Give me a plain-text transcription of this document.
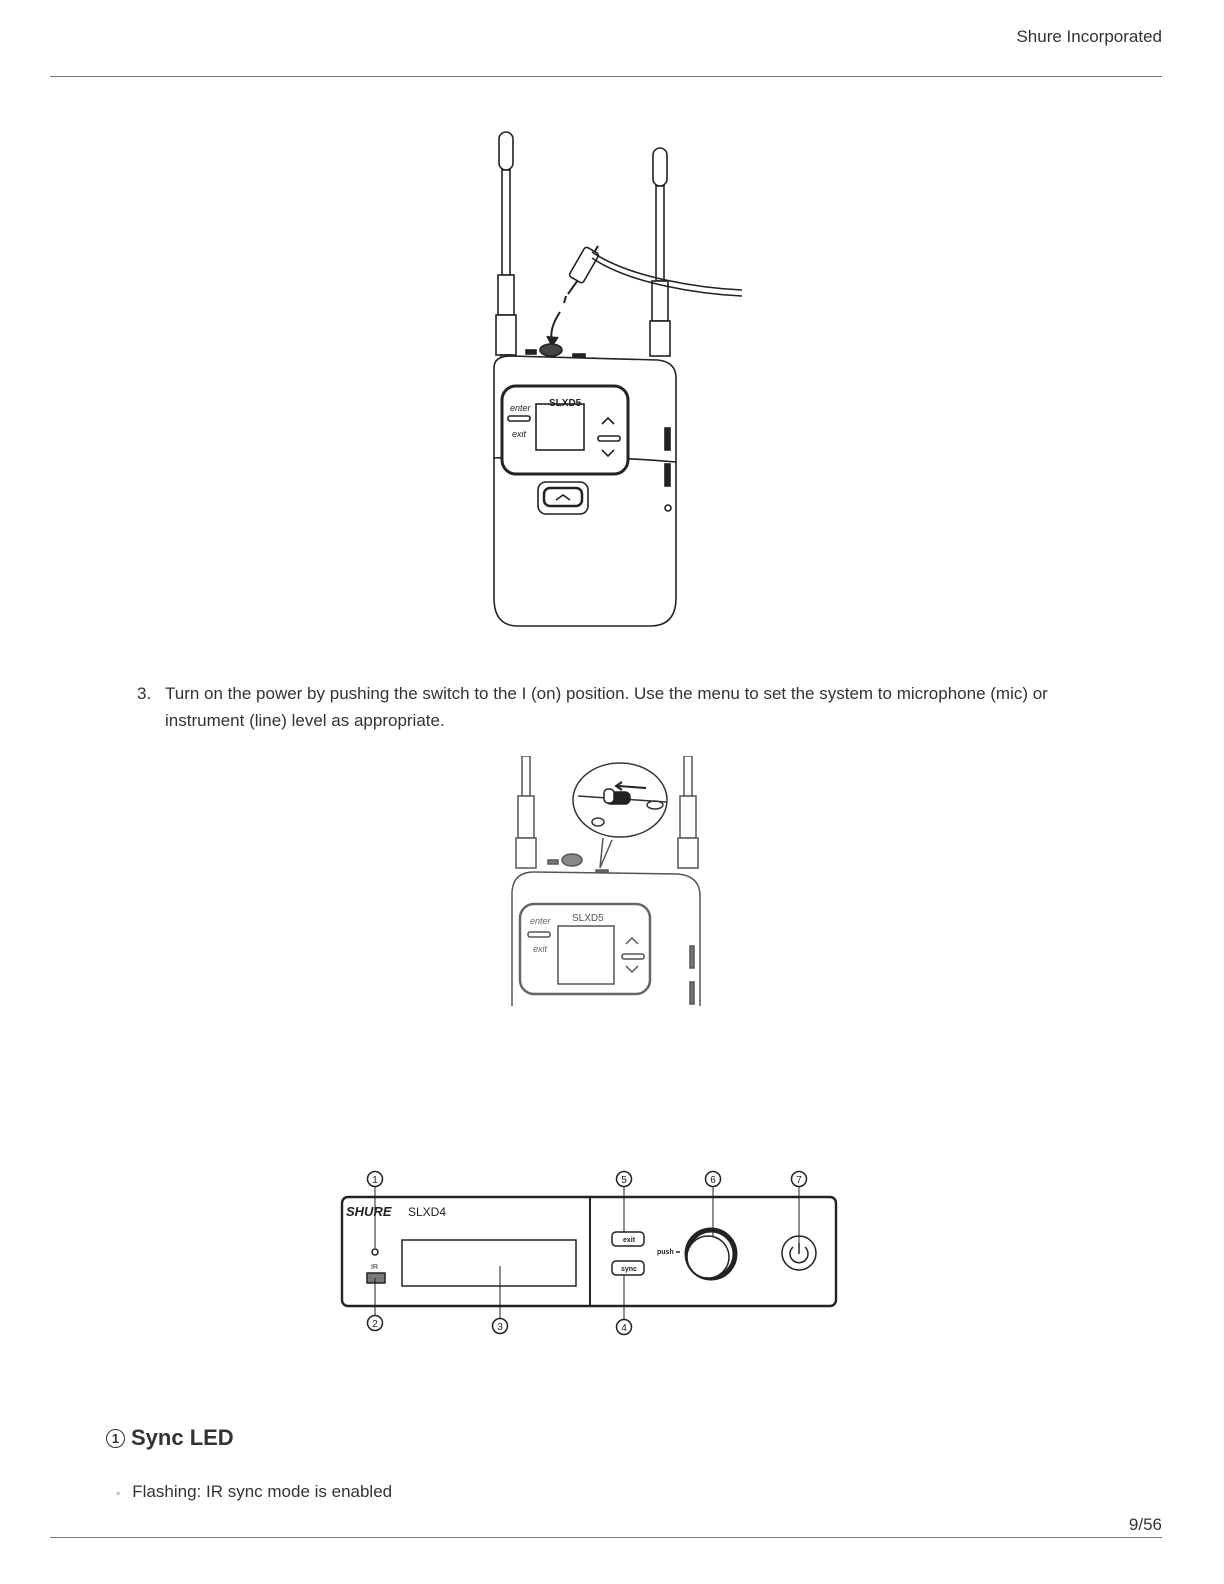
Shure Incorporated
SLXD5
enter
exit
3. Turn on the power by pushing the switch to the I (on) position. Use the menu to set the system to microphone (mic) or instrument (line) level as appropriate.
SLXD5
enter
exit
SHURE SLXD4
IR
exit
sync
push
1
2	3	4
5	6	7
1 Sync LED
◦ Flashing: IR sync mode is enabled
9/56
